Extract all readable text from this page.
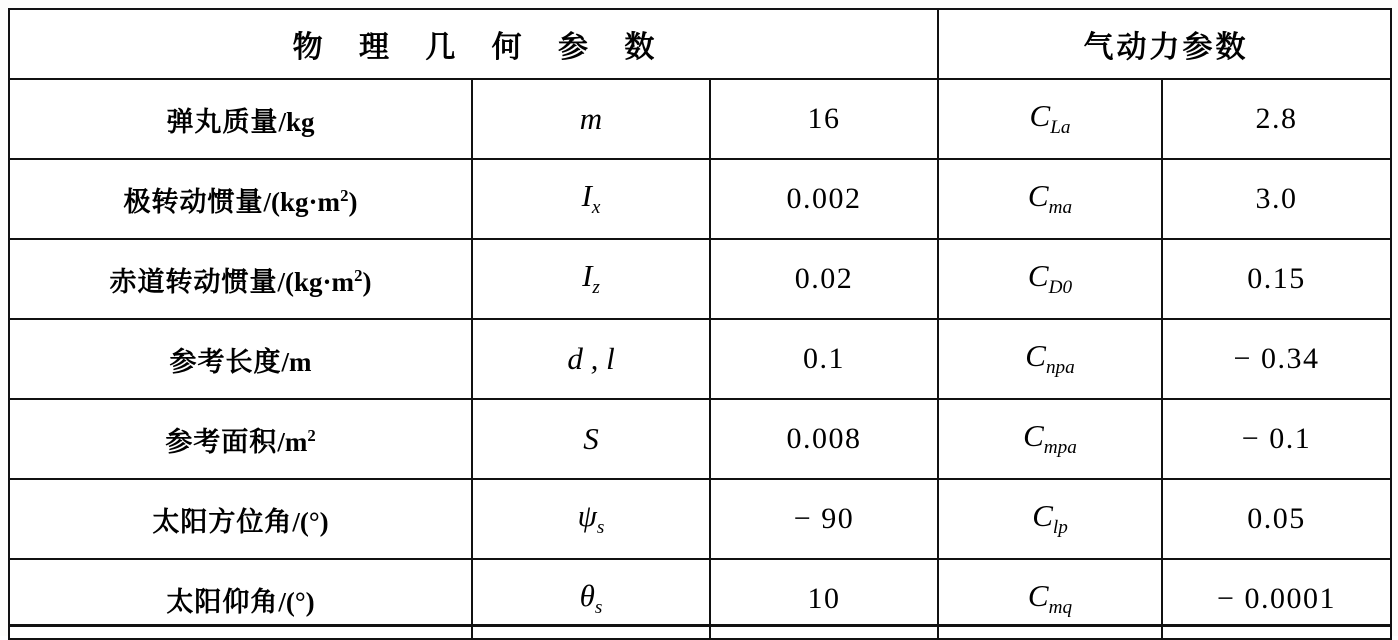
物 理 几 何 参 数			气动力参数	
弹丸质量/kg	m	16	$C_{La}$	2.8
极转动惯量$/(kg\cdot m^2)$	$I_x$	0.002	$C_{ma}$	3.0
赤道转动惯量$/(kg\cdot m^2)$	$I_z$	0.02	$C_{D0}$	0.15
参考长度/m	d , l	0.1	$C_{npa}$	− 0.34
参考面积$/m^2$	S	0.008	$C_{mpa}$	− 0.1
太阳方位角/(°)	$\psi_s$	− 90	$C_{lp}$	0.05
太阳仰角/(°)	$\theta_s$	10	$C_{mq}$	− 0.0001
